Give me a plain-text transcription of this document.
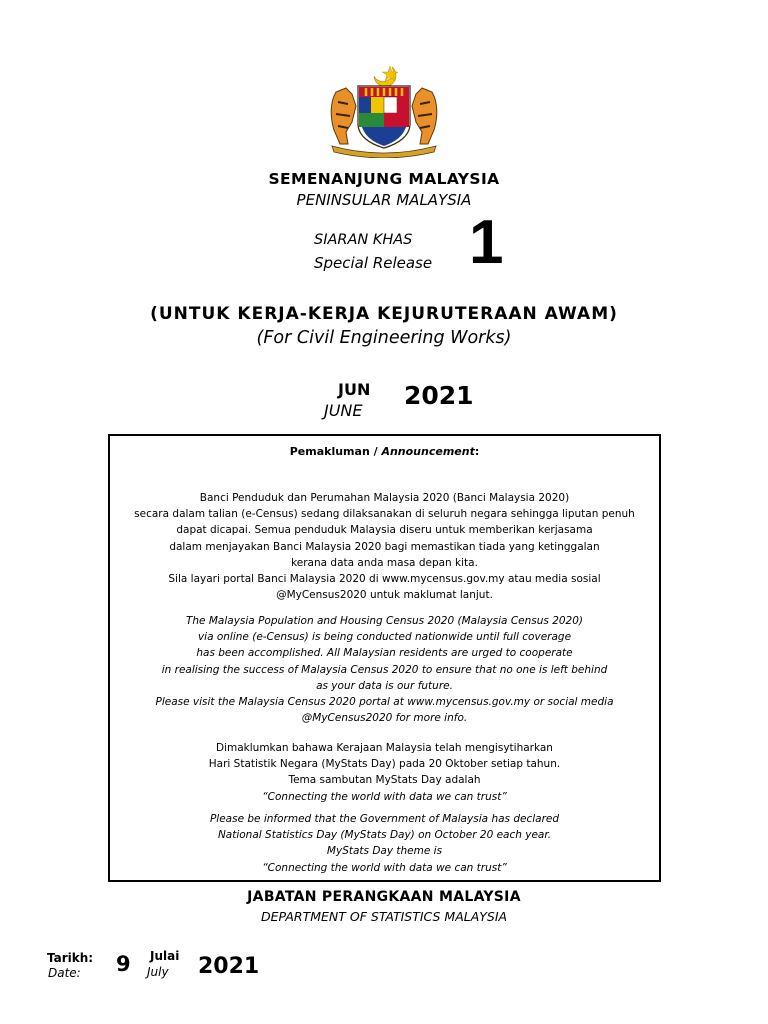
SEMENANJUNG MALAYSIA
PENINSULAR MALAYSIA
SIARAN KHAS
Special Release 1
(UNTUK KERJA-KERJA KEJURUTERAAN AWAM)
(For Civil Engineering Works)
JUN
JUNE
2021
Pemakluman / Announcement:
Banci Penduduk dan Perumahan Malaysia 2020 (Banci Malaysia 2020)
secara dalam talian (e-Census) sedang dilaksanakan di seluruh negara sehingga liputan penuh
dapat dicapai. Semua penduduk Malaysia diseru untuk memberikan kerjasama
dalam menjayakan Banci Malaysia 2020 bagi memastikan tiada yang ketinggalan
kerana data anda masa depan kita.
Sila layari portal Banci Malaysia 2020 di www.mycensus.gov.my atau media sosial
@MyCensus2020 untuk maklumat lanjut.
The Malaysia Population and Housing Census 2020 (Malaysia Census 2020)
via online (e-Census) is being conducted nationwide until full coverage
has been accomplished. All Malaysian residents are urged to cooperate
in realising the success of Malaysia Census 2020 to ensure that no one is left behind
as your data is our future.
Please visit the Malaysia Census 2020 portal at www.mycensus.gov.my or social media
@MyCensus2020 for more info.
Dimaklumkan bahawa Kerajaan Malaysia telah mengisytiharkan
Hari Statistik Negara (MyStats Day) pada 20 Oktober setiap tahun.
Tema sambutan MyStats Day adalah
“Connecting the world with data we can trust”
Please be informed that the Government of Malaysia has declared
National Statistics Day (MyStats Day) on October 20 each year.
MyStats Day theme is
“Connecting the world with data we can trust”
JABATAN PERANGKAAN MALAYSIA
DEPARTMENT OF STATISTICS MALAYSIA
Tarikh:
Date: 9 Julai
July 2021
